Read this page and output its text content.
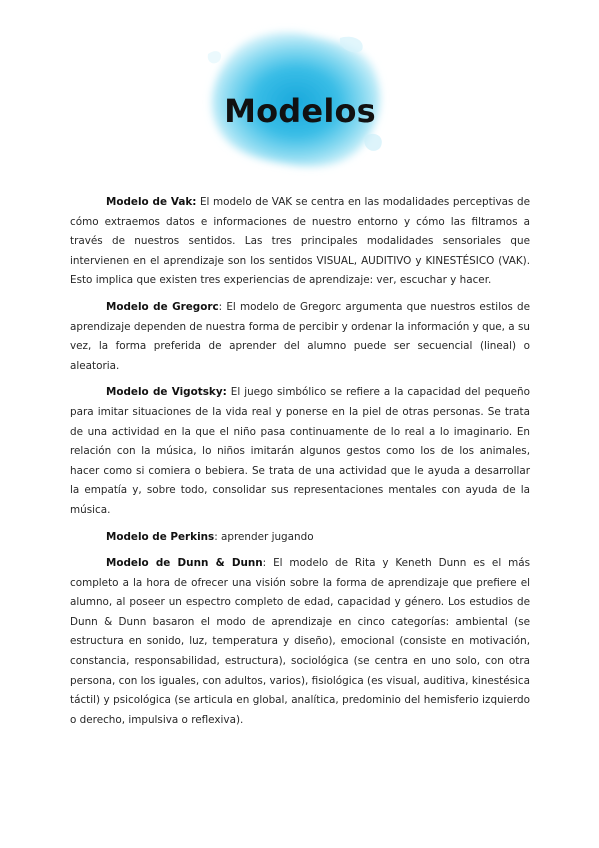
Modelos

Modelo de Vak: El modelo de VAK se centra en las modalidades perceptivas de cómo extraemos datos e informaciones de nuestro entorno y cómo las filtramos a través de nuestros sentidos. Las tres principales modalidades sensoriales que intervienen en el aprendizaje son los sentidos VISUAL, AUDITIVO y KINESTÉSICO (VAK). Esto implica que existen tres experiencias de aprendizaje: ver, escuchar y hacer.

Modelo de Gregorc: El modelo de Gregorc argumenta que nuestros estilos de aprendizaje dependen de nuestra forma de percibir y ordenar la información y que, a su vez, la forma preferida de aprender del alumno puede ser secuencial (lineal) o aleatoria.

Modelo de Vigotsky: El juego simbólico se refiere a la capacidad del pequeño para imitar situaciones de la vida real y ponerse en la piel de otras personas. Se trata de una actividad en la que el niño pasa continuamente de lo real a lo imaginario. En relación con la música, lo niños imitarán algunos gestos como los de los animales, hacer como si comiera o bebiera. Se trata de una actividad que le ayuda a desarrollar la empatía y, sobre todo, consolidar sus representaciones mentales con ayuda de la música.

Modelo de Perkins: aprender jugando

Modelo de Dunn & Dunn: El modelo de Rita y Keneth Dunn es el más completo a la hora de ofrecer una visión sobre la forma de aprendizaje que prefiere el alumno, al poseer un espectro completo de edad, capacidad y género. Los estudios de Dunn & Dunn basaron el modo de aprendizaje en cinco categorías: ambiental (se estructura en sonido, luz, temperatura y diseño), emocional (consiste en motivación, constancia, responsabilidad, estructura), sociológica (se centra en uno solo, con otra persona, con los iguales, con adultos, varios), fisiológica (es visual, auditiva, kinestésica táctil) y psicológica (se articula en global, analítica, predominio del hemisferio izquierdo o derecho, impulsiva o reflexiva).
